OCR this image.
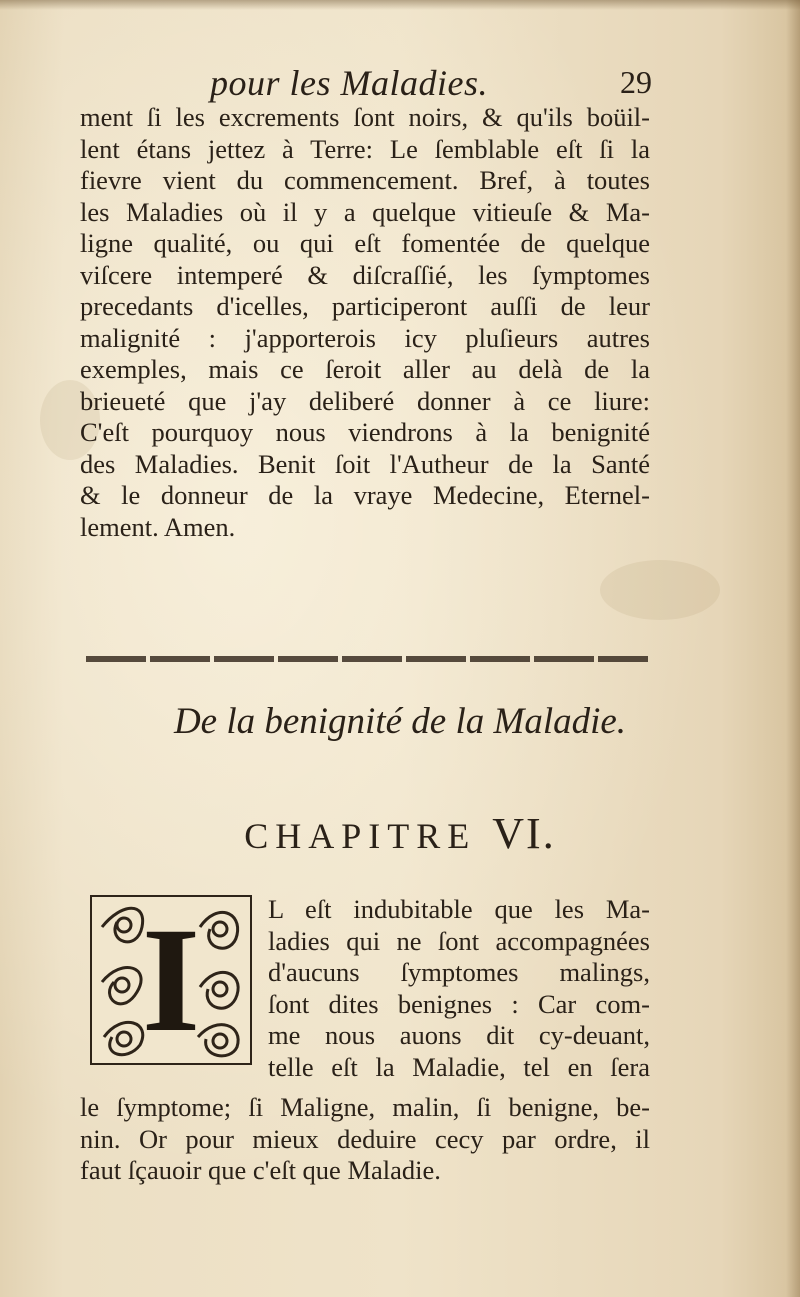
pour les Maladies.	29
ment ſi les excrements ſont noirs, & qu'ils boüil-
lent étans jettez à Terre: Le ſemblable eſt ſi la
fievre vient du commencement. Bref, à toutes
les Maladies où il y a quelque vitieuſe & Ma-
ligne qualité, ou qui eſt fomentée de quelque
viſcere intemperé & diſcraſſié, les ſymptomes
precedants d'icelles, participeront auſſi de leur
malignité : j'apporterois icy pluſieurs autres
exemples, mais ce ſeroit aller au delà de la
brieueté que j'ay deliberé donner à ce liure:
C'eſt pourquoy nous viendrons à la benignité
des Maladies. Benit ſoit l'Autheur de la Santé
& le donneur de la vraye Medecine, Eternel-
lement. Amen.
De la benignité de la Maladie.
CHAPITRE VI.
I	L eſt indubitable que les Ma-
ladies qui ne ſont accompagnées
d'aucuns ſymptomes malings,
ſont dites benignes : Car com-
me nous auons dit cy-deuant,
telle eſt la Maladie, tel en ſera
le ſymptome; ſi Maligne, malin, ſi benigne, be-
nin. Or pour mieux deduire cecy par ordre, il
faut ſçauoir que c'eſt que Maladie.
